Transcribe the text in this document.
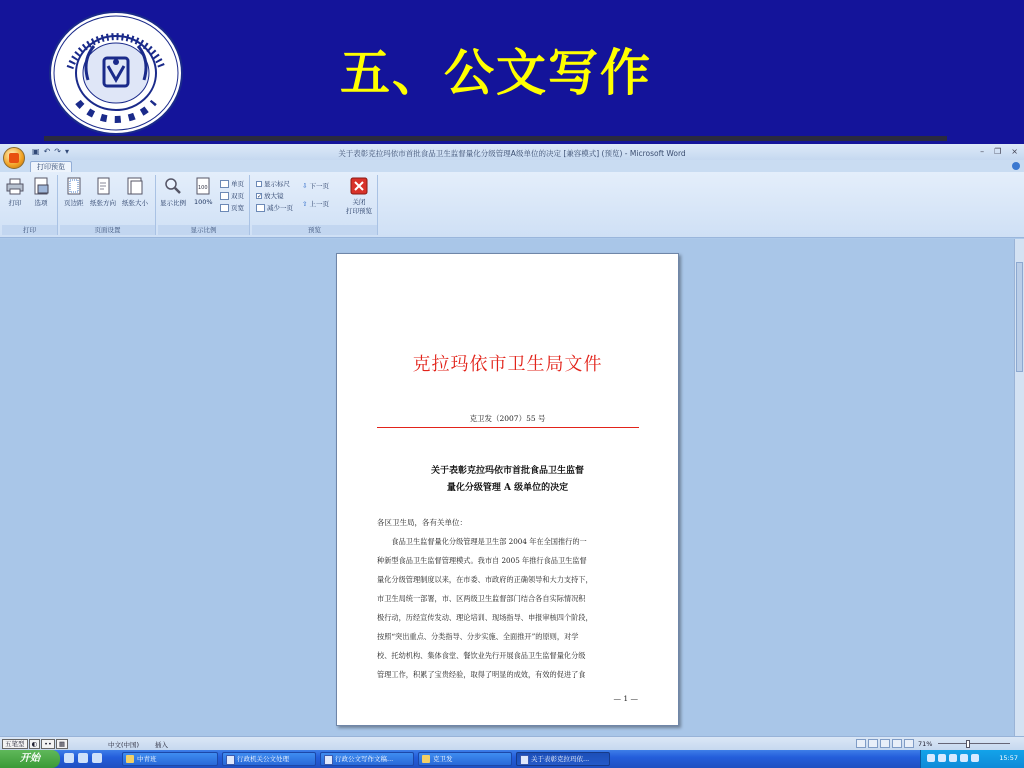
五、公文写作
▣ ↶ ↷ ▾	关于表彰克拉玛依市首批食品卫生监督量化分级管理A级单位的决定 [兼容模式] (预览) - Microsoft Word	– ❐ ×
打印预览
打印 选项
打印
页边距 纸张方向 纸张大小
页面设置
显示比例
100
100%
单页
双页
页宽
显示比例
显示标尺
✓ 放大镜
减少一页
⇩ 下一页
⇧ 上一页	关闭
打印预览
预览
克拉玛依市卫生局文件
克卫发（2007）55 号
关于表彰克拉玛依市首批食品卫生监督
量化分级管理 A 级单位的决定
各区卫生局，各有关单位：
　　食品卫生监督量化分级管理是卫生部 2004 年在全国推行的一
种新型食品卫生监督管理模式。我市自 2005 年推行食品卫生监督
量化分级管理制度以来，在市委、市政府的正确领导和大力支持下，
市卫生局统一部署，市、区两级卫生监督部门结合各自实际情况积
极行动，历经宣传发动、理论培训、现场指导、申报审核四个阶段，
按照“突出重点、分类指导、分步实施、全面推开”的原则，对学
校、托幼机构、集体食堂、餐饮业先行开展食品卫生监督量化分级
管理工作，积累了宝贵经验，取得了明显的成效，有效的促进了食
— 1 —
五笔型	◐	••	▦	中文(中国) 插入	71%
开始	中青班	行政机关公文处理	行政公文写作文稿...	克卫发	关于表彰克拉玛依...	15:57
